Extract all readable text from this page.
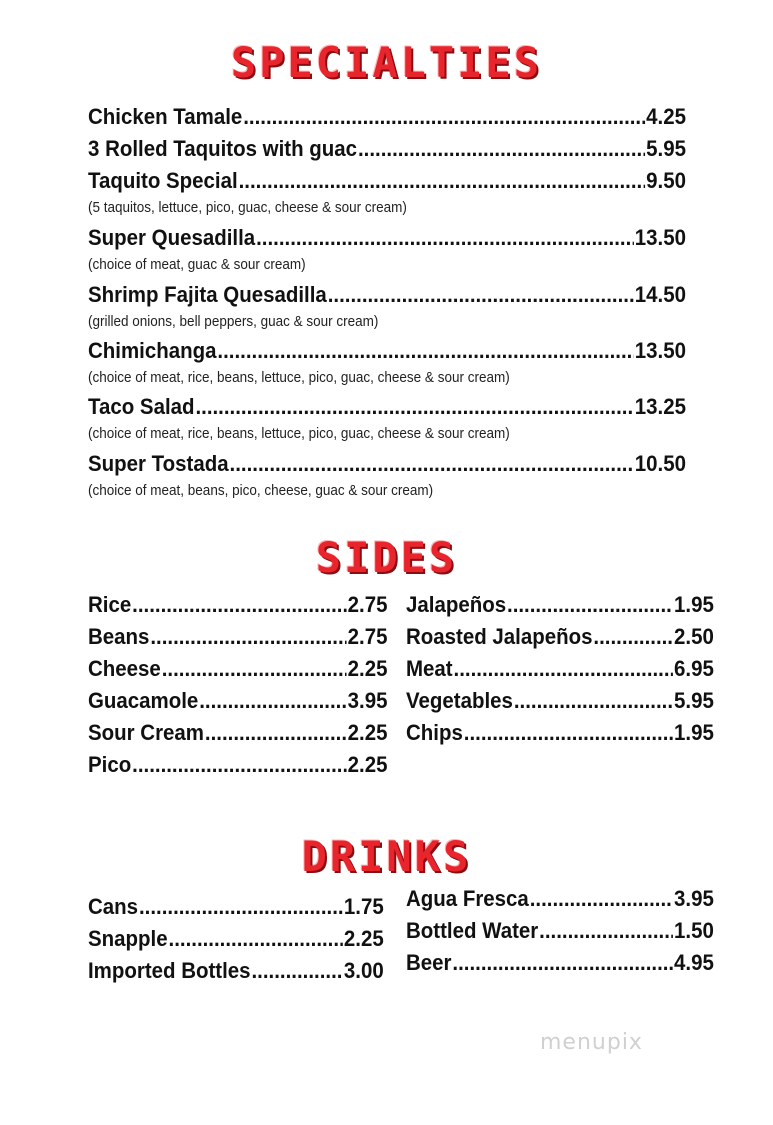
SPECIALTIES
Chicken Tamale .....	4.25
3 Rolled Taquitos with guac .....	5.95
Taquito Special .....	9.50
(5 taquitos, lettuce, pico, guac, cheese & sour cream)
Super Quesadilla .....	13.50
(choice of meat, guac & sour cream)
Shrimp Fajita Quesadilla .....	14.50
(grilled onions, bell peppers, guac & sour cream)
Chimichanga .....	13.50
(choice of meat, rice, beans, lettuce, pico, guac, cheese & sour cream)
Taco Salad .....	13.25
(choice of meat, rice, beans, lettuce, pico, guac, cheese & sour cream)
Super Tostada .....	10.50
(choice of meat, beans, pico, cheese, guac & sour cream)
SIDES
Rice .....	2.75
Beans .....	2.75
Cheese .....	2.25
Guacamole .....	3.95
Sour Cream .....	2.25
Pico .....	2.25
Jalapeños .....	1.95
Roasted Jalapeños .....	2.50
Meat .....	6.95
Vegetables .....	5.95
Chips .....	1.95
DRINKS
Cans .....	1.75
Snapple .....	2.25
Imported Bottles .....	3.00
Agua Fresca .....	3.95
Bottled Water .....	1.50
Beer .....	4.95
menupix
